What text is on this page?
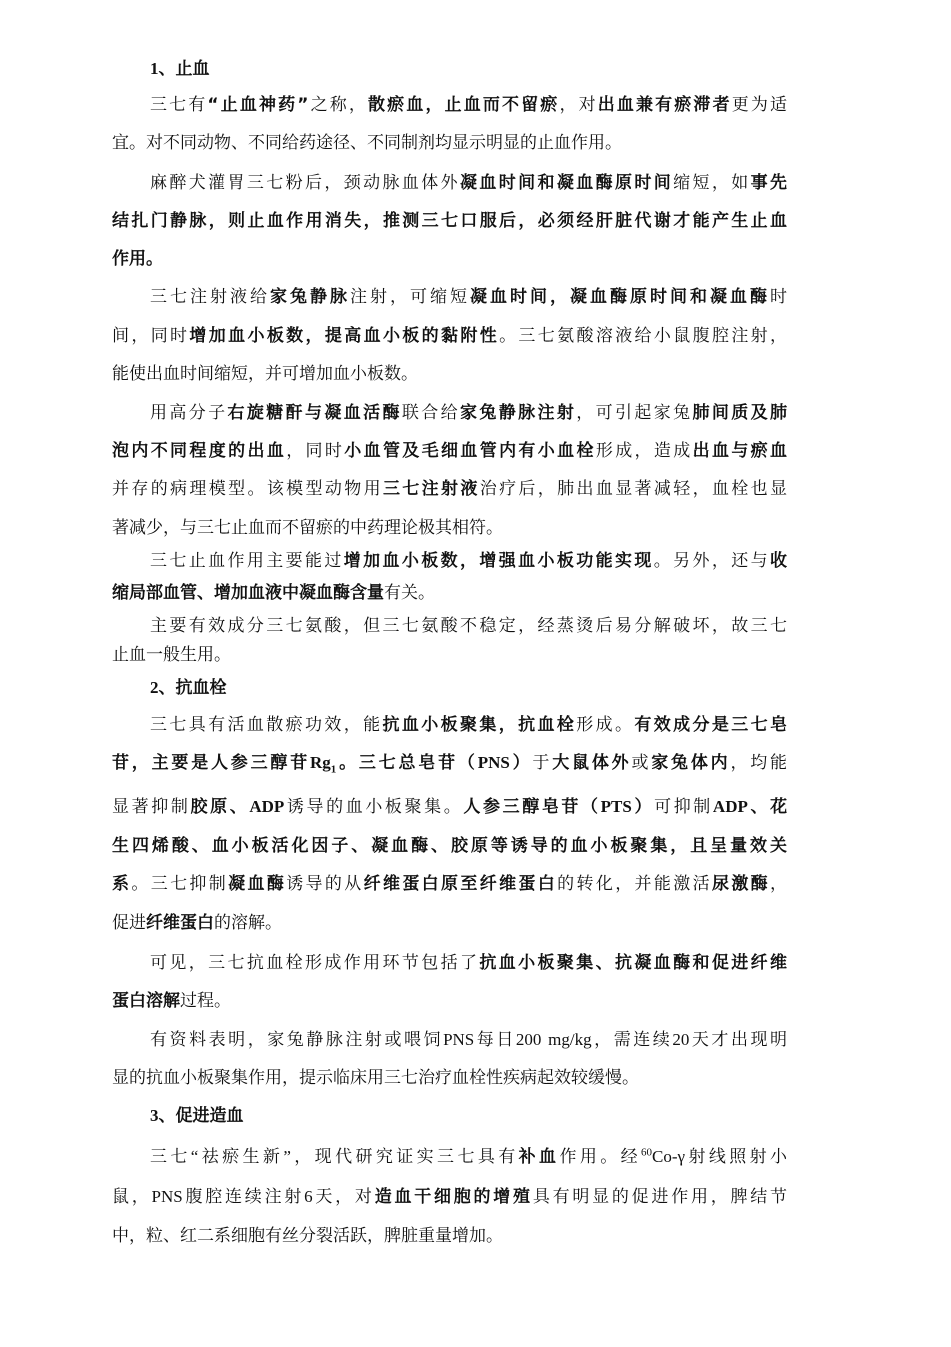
1、止血
三七有“止血神药”之称，散瘀血，止血而不留瘀，对出血兼有瘀滞者更为适
宜。对不同动物、不同给药途径、不同制剂均显示明显的止血作用。
麻醉犬灌胃三七粉后，颈动脉血体外凝血时间和凝血酶原时间缩短，如事先
结扎门静脉，则止血作用消失，推测三七口服后，必须经肝脏代谢才能产生止血
作用。
三七注射液给家兔静脉注射，可缩短凝血时间，凝血酶原时间和凝血酶时
间，同时增加血小板数，提高血小板的黏附性。三七氨酸溶液给小鼠腹腔注射，
能使出血时间缩短，并可增加血小板数。
用高分子右旋糖酐与凝血活酶联合给家兔静脉注射，可引起家兔肺间质及肺
泡内不同程度的出血，同时小血管及毛细血管内有小血栓形成，造成出血与瘀血
并存的病理模型。该模型动物用三七注射液治疗后，肺出血显著减轻，血栓也显
著减少，与三七止血而不留瘀的中药理论极其相符。
三七止血作用主要能过增加血小板数，增强血小板功能实现。另外，还与收
缩局部血管、增加血液中凝血酶含量有关。
主要有效成分三七氨酸，但三七氨酸不稳定，经蒸烫后易分解破坏，故三七
止血一般生用。
2、抗血栓
三七具有活血散瘀功效，能抗血小板聚集，抗血栓形成。有效成分是三七皂
苷，主要是人参三醇苷$Rg_1$。三七总皂苷（PNS）于大鼠体外或家兔体内，均能
显著抑制胶原、ADP诱导的血小板聚集。人参三醇皂苷（PTS）可抑制ADP、花
生四烯酸、血小板活化因子、凝血酶、胶原等诱导的血小板聚集，且呈量效关
系。三七抑制凝血酶诱导的从纤维蛋白原至纤维蛋白的转化，并能激活尿激酶，
促进纤维蛋白的溶解。
可见，三七抗血栓形成作用环节包括了抗血小板聚集、抗凝血酶和促进纤维
蛋白溶解过程。
有资料表明，家兔静脉注射或喂饲PNS每日200 mg/kg，需连续20天才出现明
显的抗血小板聚集作用，提示临床用三七治疗血栓性疾病起效较缓慢。
3、促进造血
三七“祛瘀生新”，现代研究证实三七具有补血作用。经$^{60}$Co-γ射线照射小
鼠，PNS腹腔连续注射6天，对造血干细胞的增殖具有明显的促进作用，脾结节
中，粒、红二系细胞有丝分裂活跃，脾脏重量增加。
